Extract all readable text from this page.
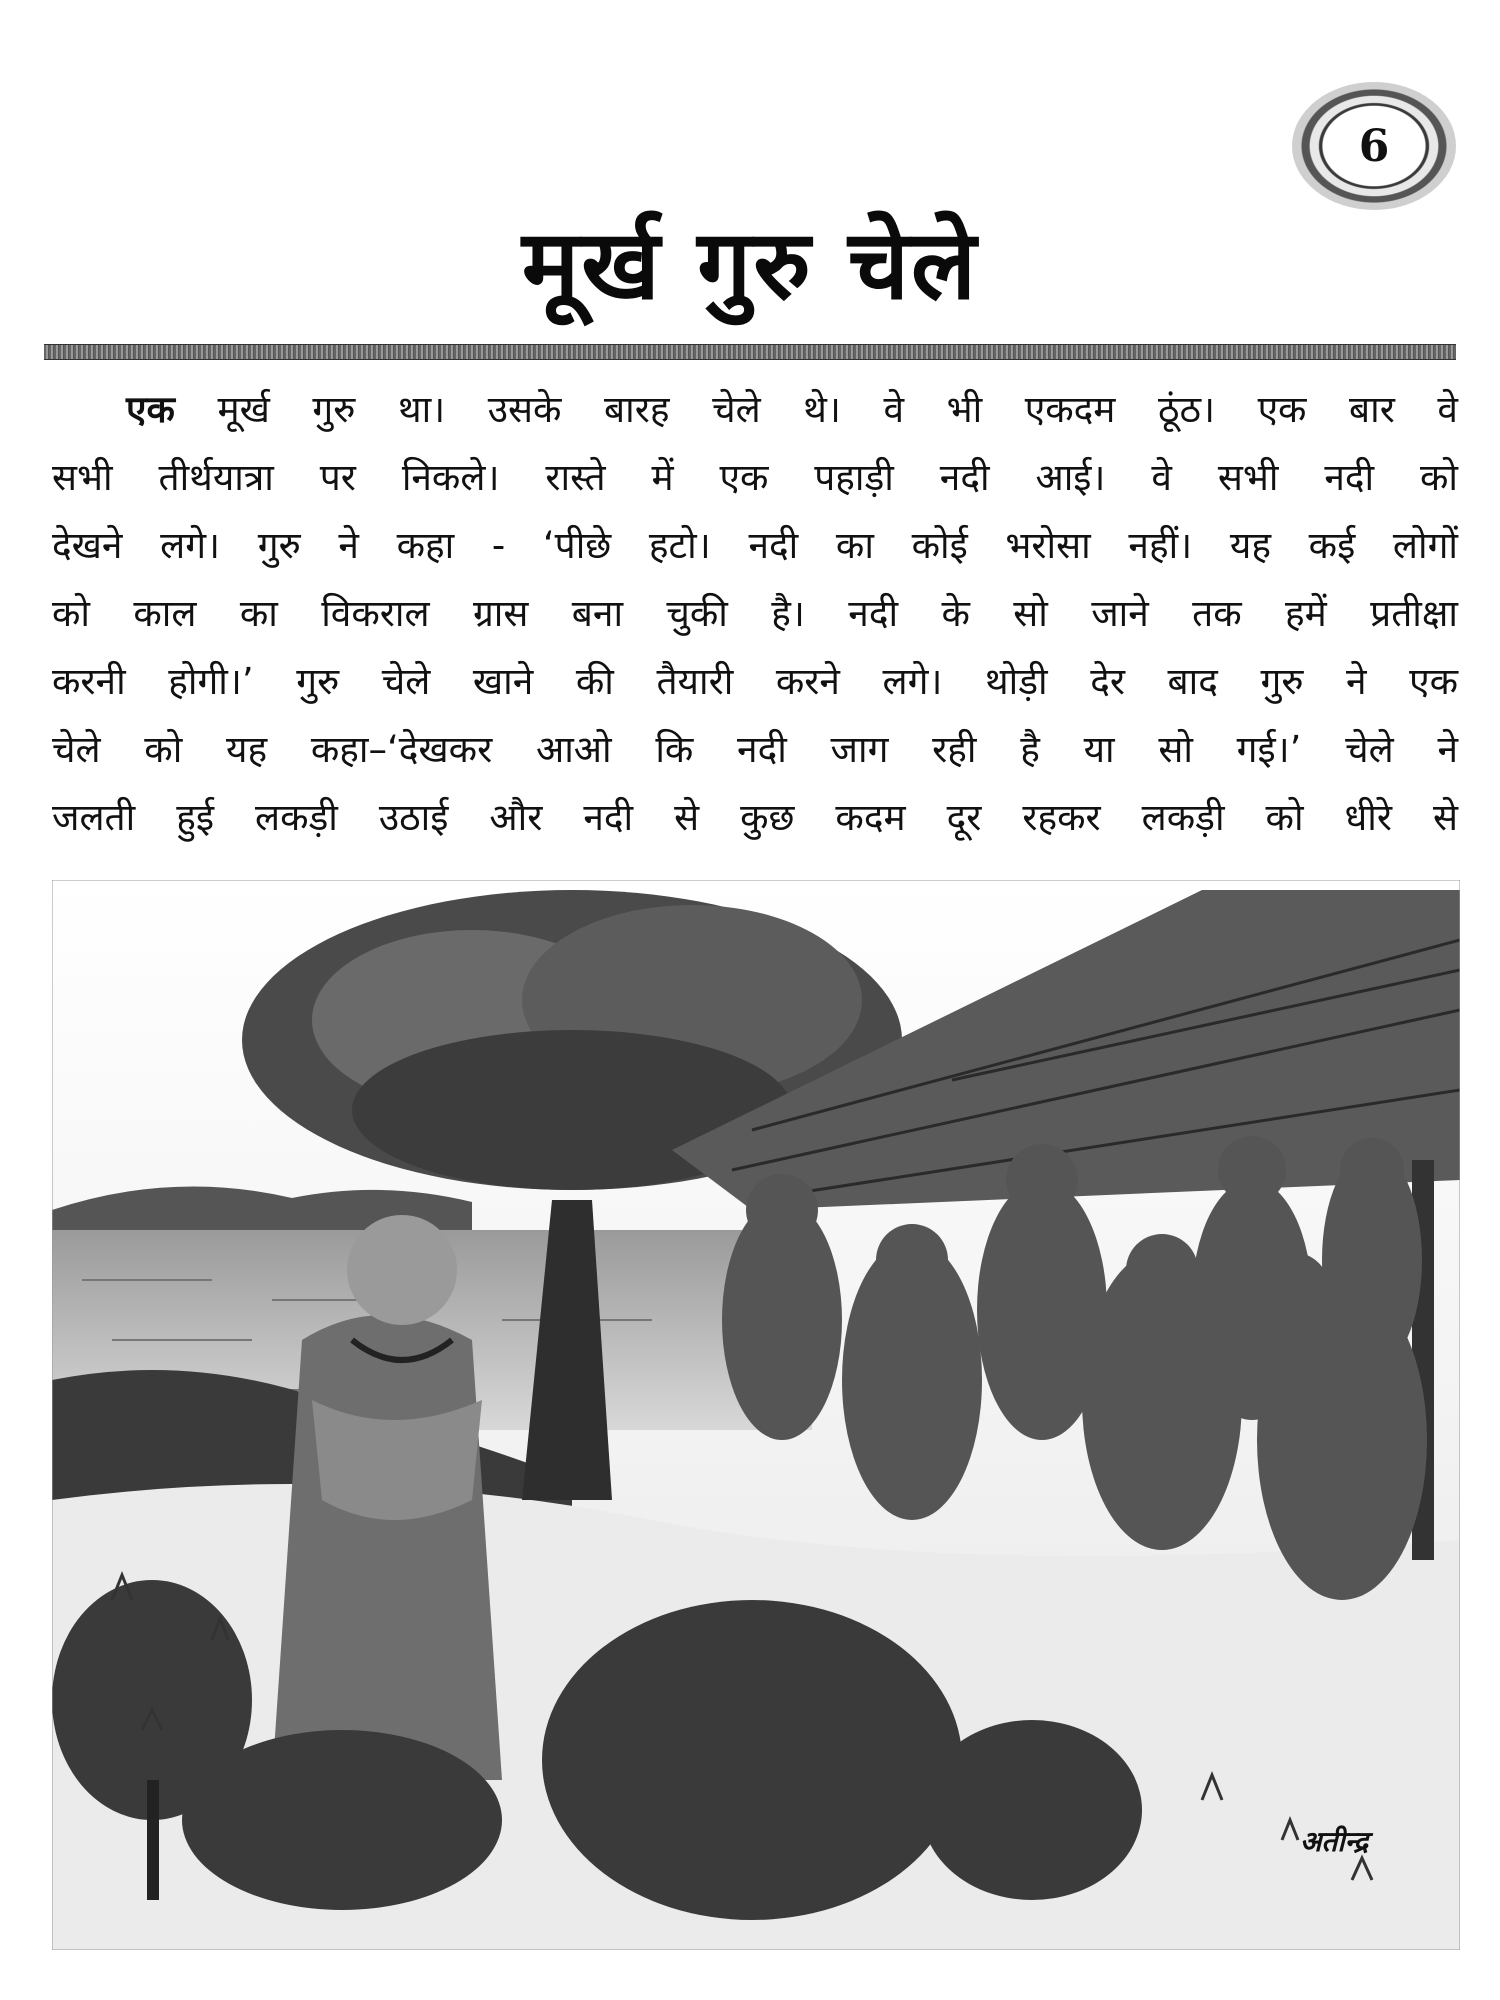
6
मूर्ख गुरु चेले
एक मूर्ख गुरु था। उसके बारह चेले थे। वे भी एकदम ठूंठ। एक बार वे
सभी तीर्थयात्रा पर निकले। रास्ते में एक पहाड़ी नदी आई। वे सभी नदी को
देखने लगे। गुरु ने कहा - ‘पीछे हटो। नदी का कोई भरोसा नहीं। यह कई लोगों
को काल का विकराल ग्रास बना चुकी है। नदी के सो जाने तक हमें प्रतीक्षा
करनी होगी।’ गुरु चेले खाने की तैयारी करने लगे। थोड़ी देर बाद गुरु ने एक
चेले को यह कहा–‘देखकर आओ कि नदी जाग रही है या सो गई।’ चेले ने
जलती हुई लकड़ी उठाई और नदी से कुछ कदम दूर रहकर लकड़ी को धीरे से
अतीन्द्र
